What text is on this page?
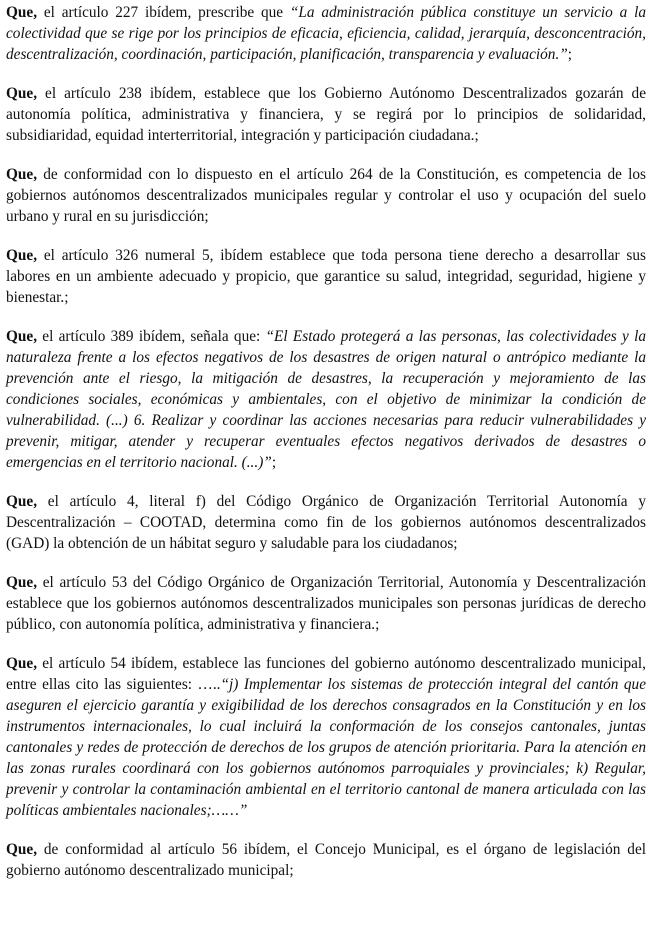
Que, el artículo 227 ibídem, prescribe que “La administración pública constituye un servicio a la colectividad que se rige por los principios de eficacia, eficiencia, calidad, jerarquía, desconcentración, descentralización, coordinación, participación, planificación, transparencia y evaluación.”;

Que, el artículo 238 ibídem, establece que los Gobierno Autónomo Descentralizados gozarán de autonomía política, administrativa y financiera, y se regirá por lo principios de solidaridad, subsidiaridad, equidad interterritorial, integración y participación ciudadana.;

Que, de conformidad con lo dispuesto en el artículo 264 de la Constitución, es competencia de los gobiernos autónomos descentralizados municipales regular y controlar el uso y ocupación del suelo urbano y rural en su jurisdicción;

Que, el artículo 326 numeral 5, ibídem establece que toda persona tiene derecho a desarrollar sus labores en un ambiente adecuado y propicio, que garantice su salud, integridad, seguridad, higiene y bienestar.;

Que, el artículo 389 ibídem, señala que: “El Estado protegerá a las personas, las colectividades y la naturaleza frente a los efectos negativos de los desastres de origen natural o antrópico mediante la prevención ante el riesgo, la mitigación de desastres, la recuperación y mejoramiento de las condiciones sociales, económicas y ambientales, con el objetivo de minimizar la condición de vulnerabilidad. (...) 6. Realizar y coordinar las acciones necesarias para reducir vulnerabilidades y prevenir, mitigar, atender y recuperar eventuales efectos negativos derivados de desastres o emergencias en el territorio nacional. (...)”;

Que, el artículo 4, literal f) del Código Orgánico de Organización Territorial Autonomía y Descentralización – COOTAD, determina como fin de los gobiernos autónomos descentralizados (GAD) la obtención de un hábitat seguro y saludable para los ciudadanos;

Que, el artículo 53 del Código Orgánico de Organización Territorial, Autonomía y Descentralización establece que los gobiernos autónomos descentralizados municipales son personas jurídicas de derecho público, con autonomía política, administrativa y financiera.;

Que, el artículo 54 ibídem, establece las funciones del gobierno autónomo descentralizado municipal, entre ellas cito las siguientes: …..“j) Implementar los sistemas de protección integral del cantón que aseguren el ejercicio garantía y exigibilidad de los derechos consagrados en la Constitución y en los instrumentos internacionales, lo cual incluirá la conformación de los consejos cantonales, juntas cantonales y redes de protección de derechos de los grupos de atención prioritaria. Para la atención en las zonas rurales coordinará con los gobiernos autónomos parroquiales y provinciales; k) Regular, prevenir y controlar la contaminación ambiental en el territorio cantonal de manera articulada con las políticas ambientales nacionales;……”

Que, de conformidad al artículo 56 ibídem, el Concejo Municipal, es el órgano de legislación del gobierno autónomo descentralizado municipal;
